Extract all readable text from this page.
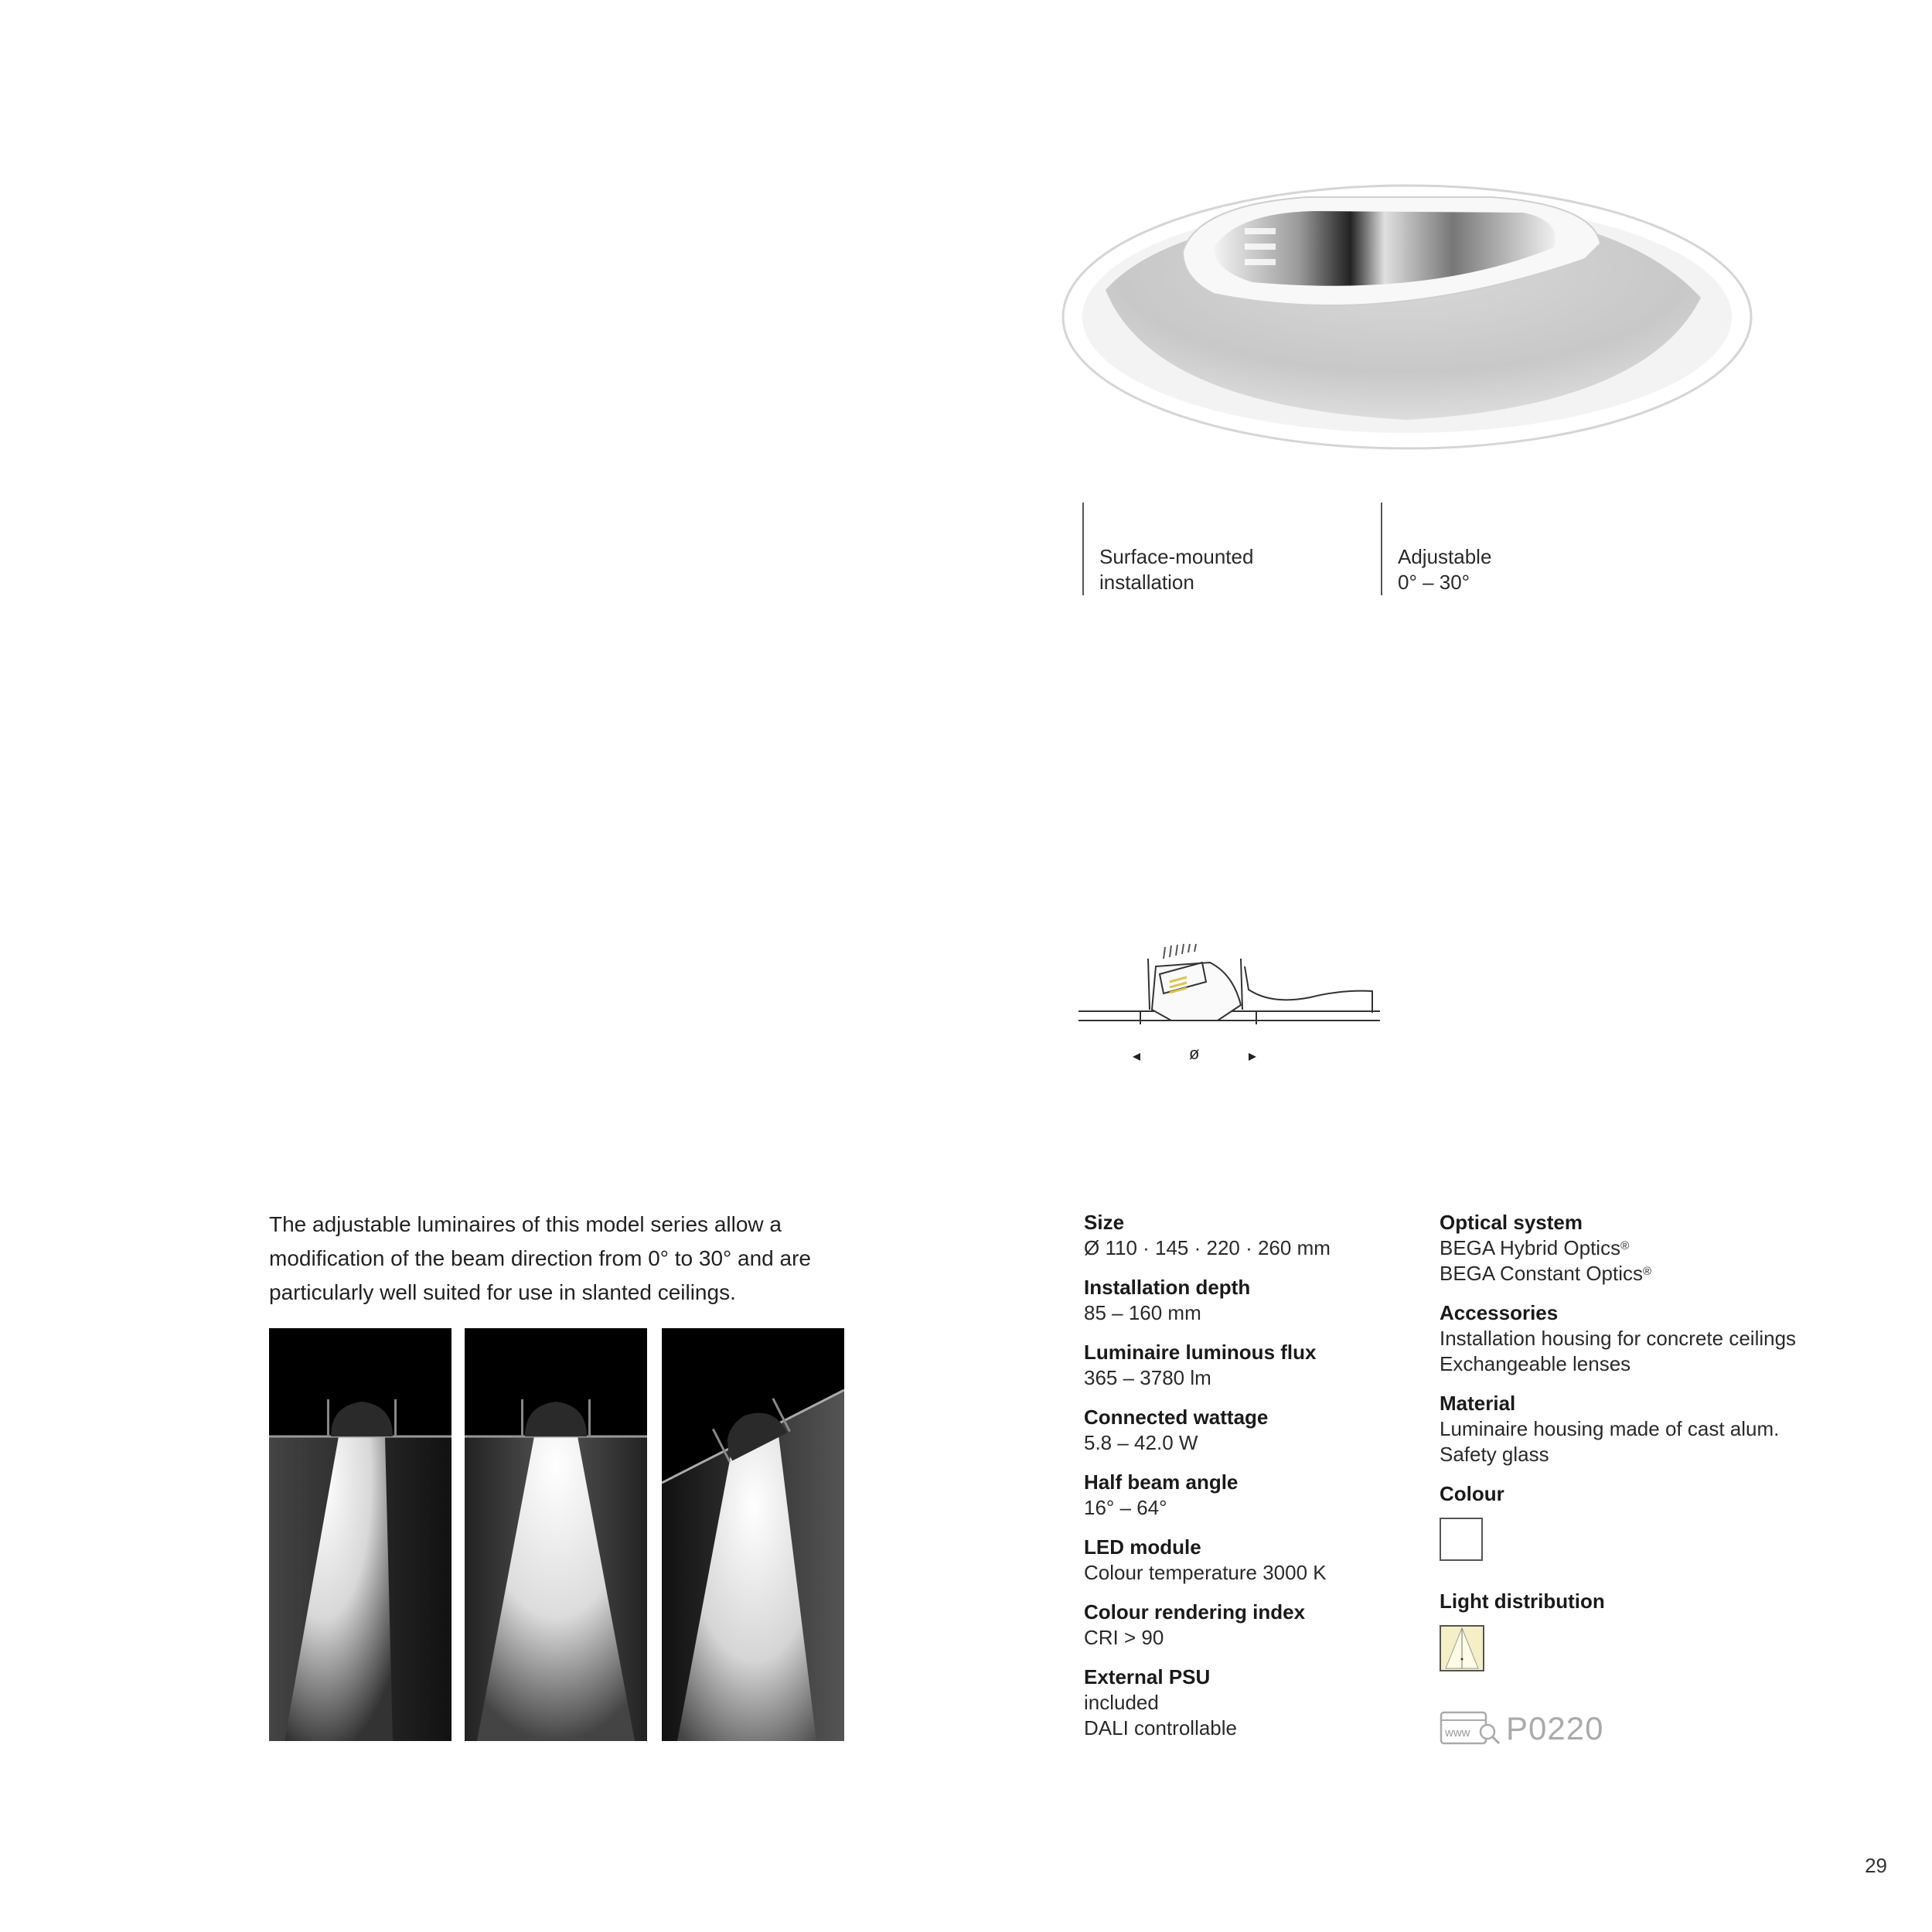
Surface-mounted
installation
Adjustable
0° – 30°
ø
The adjustable luminaires of this model series allow a modification of the beam direction from 0° to 30° and are particularly well suited for use in slanted ceilings.
Size
Ø 110 · 145 · 220 · 260 mm
Installation depth
85 – 160 mm
Luminaire luminous flux
365 – 3780 lm
Connected wattage
5.8 – 42.0 W
Half beam angle
16° – 64°
LED module
Colour temperature 3000 K
Colour rendering index
CRI > 90
External PSU
included
DALI controllable
Optical system
BEGA Hybrid Optics®
BEGA Constant Optics®
Accessories
Installation housing for concrete ceilings
Exchangeable lenses
Material
Luminaire housing made of cast alum.
Safety glass
Colour
Light distribution
www P0220
29
